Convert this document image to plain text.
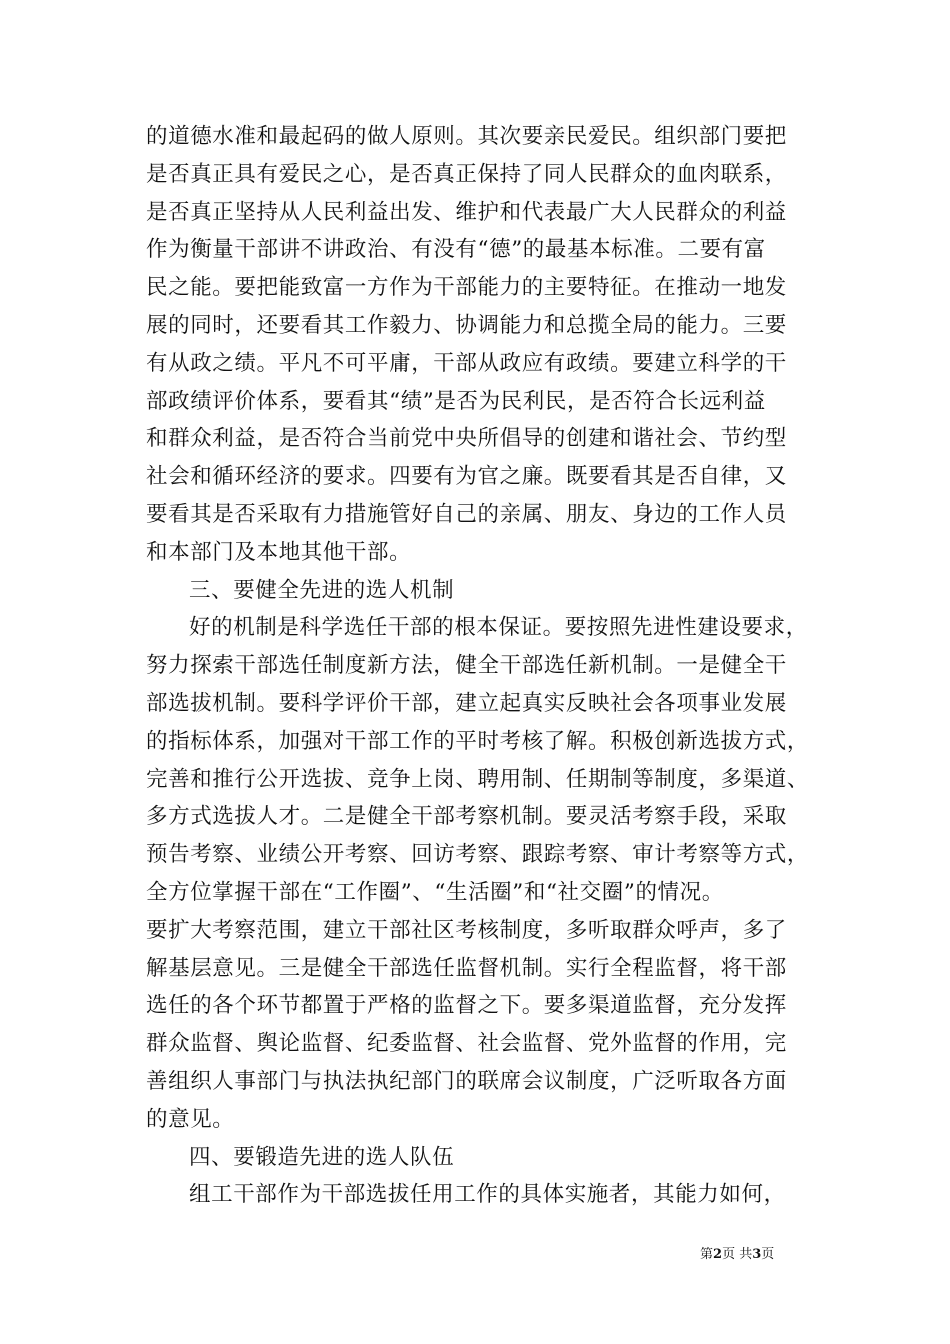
的道德水准和最起码的做人原则。其次要亲民爱民。组织部门要把
是否真正具有爱民之心，是否真正保持了同人民群众的血肉联系，
是否真正坚持从人民利益出发、维护和代表最广大人民群众的利益
作为衡量干部讲不讲政治、有没有“德”的最基本标准。二要有富
民之能。要把能致富一方作为干部能力的主要特征。在推动一地发
展的同时，还要看其工作毅力、协调能力和总揽全局的能力。三要
有从政之绩。平凡不可平庸，干部从政应有政绩。要建立科学的干
部政绩评价体系，要看其“绩”是否为民利民，是否符合长远利益
和群众利益，是否符合当前党中央所倡导的创建和谐社会、节约型
社会和循环经济的要求。四要有为官之廉。既要看其是否自律，又
要看其是否采取有力措施管好自己的亲属、朋友、身边的工作人员
和本部门及本地其他干部。
三、要健全先进的选人机制
好的机制是科学选任干部的根本保证。要按照先进性建设要求，
努力探索干部选任制度新方法，健全干部选任新机制。一是健全干
部选拔机制。要科学评价干部，建立起真实反映社会各项事业发展
的指标体系，加强对干部工作的平时考核了解。积极创新选拔方式，
完善和推行公开选拔、竞争上岗、聘用制、任期制等制度，多渠道、
多方式选拔人才。二是健全干部考察机制。要灵活考察手段，采取
预告考察、业绩公开考察、回访考察、跟踪考察、审计考察等方式，
全方位掌握干部在“工作圈”、“生活圈”和“社交圈”的情况。
要扩大考察范围，建立干部社区考核制度，多听取群众呼声，多了
解基层意见。三是健全干部选任监督机制。实行全程监督，将干部
选任的各个环节都置于严格的监督之下。要多渠道监督，充分发挥
群众监督、舆论监督、纪委监督、社会监督、党外监督的作用，完
善组织人事部门与执法执纪部门的联席会议制度，广泛听取各方面
的意见。
四、要锻造先进的选人队伍
组工干部作为干部选拔任用工作的具体实施者，其能力如何，
第2页 共3页
